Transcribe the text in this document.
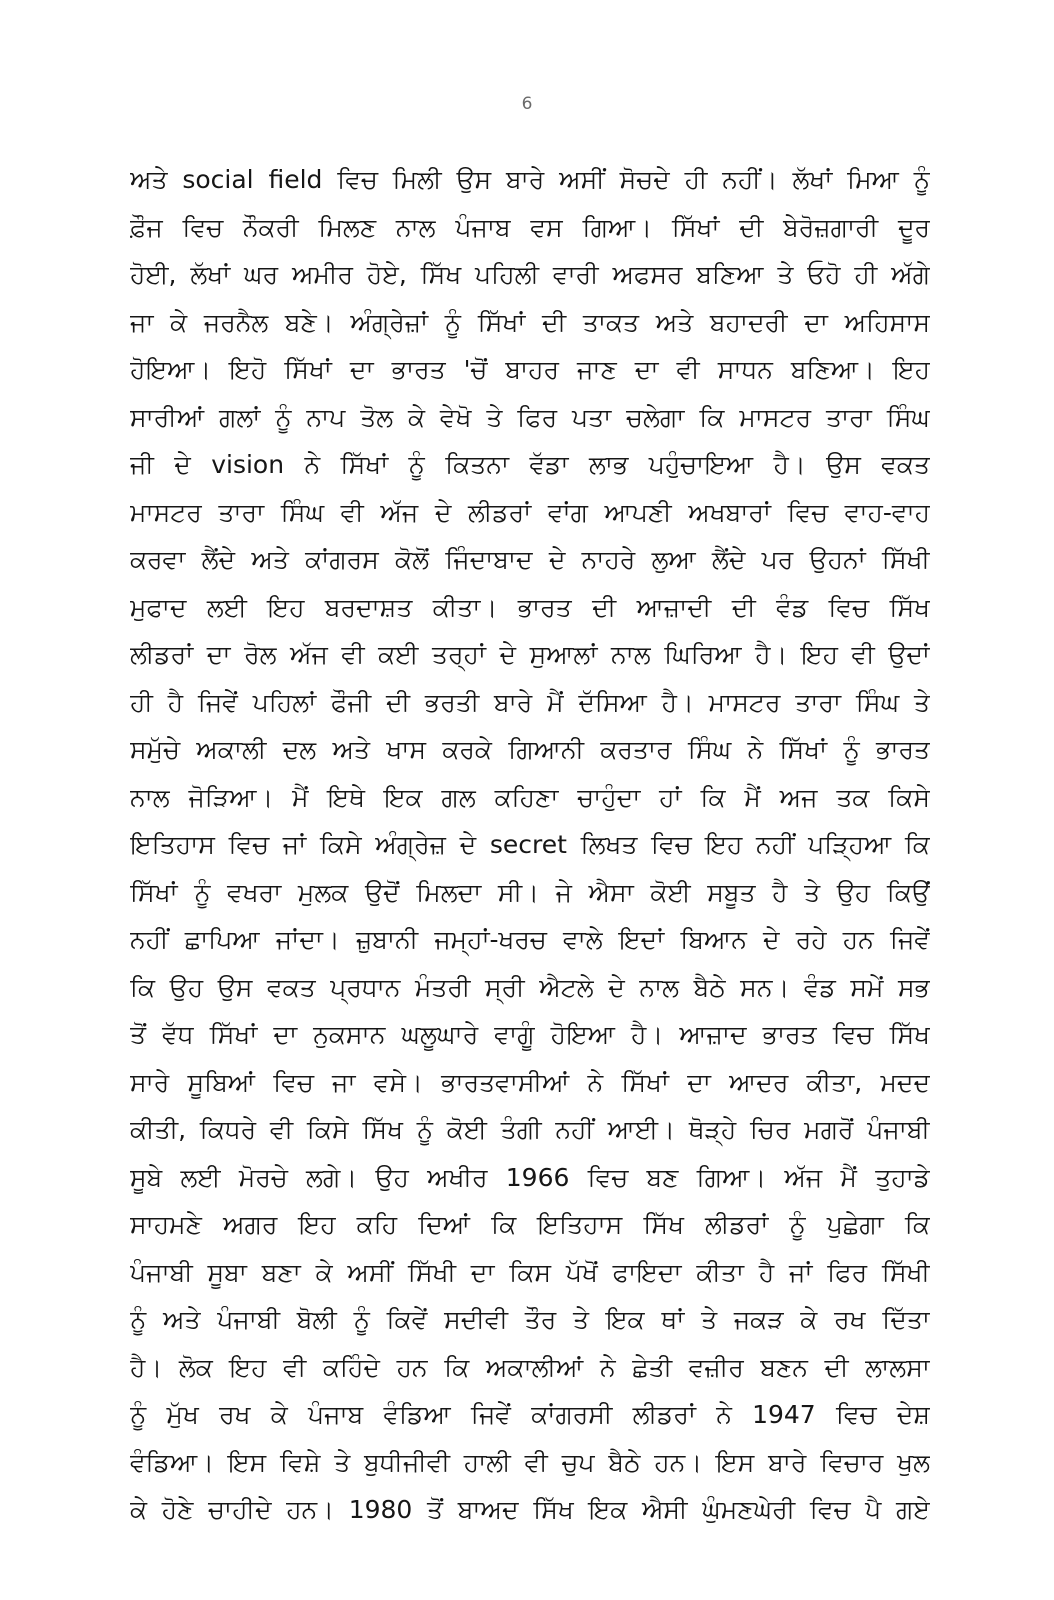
6
ਅਤੇ social field ਵਿਚ ਮਿਲੀ ਉਸ ਬਾਰੇ ਅਸੀਂ ਸੋਚਦੇ ਹੀ ਨਹੀਂ। ਲੱਖਾਂ ਮਿਆ ਨੂੰ
ਫ਼ੌਜ ਵਿਚ ਨੌਕਰੀ ਮਿਲਣ ਨਾਲ ਪੰਜਾਬ ਵਸ ਗਿਆ। ਸਿੱਖਾਂ ਦੀ ਬੇਰੋਜ਼ਗਾਰੀ ਦੂਰ
ਹੋਈ, ਲੱਖਾਂ ਘਰ ਅਮੀਰ ਹੋਏ, ਸਿੱਖ ਪਹਿਲੀ ਵਾਰੀ ਅਫਸਰ ਬਣਿਆ ਤੇ ਓਹੋ ਹੀ ਅੱਗੇ
ਜਾ ਕੇ ਜਰਨੈਲ ਬਣੇ। ਅੰਗ੍ਰੇਜ਼ਾਂ ਨੂੰ ਸਿੱਖਾਂ ਦੀ ਤਾਕਤ ਅਤੇ ਬਹਾਦਰੀ ਦਾ ਅਹਿਸਾਸ
ਹੋਇਆ। ਇਹੋ ਸਿੱਖਾਂ ਦਾ ਭਾਰਤ 'ਚੋਂ ਬਾਹਰ ਜਾਣ ਦਾ ਵੀ ਸਾਧਨ ਬਣਿਆ। ਇਹ
ਸਾਰੀਆਂ ਗਲਾਂ ਨੂੰ ਨਾਪ ਤੋਲ ਕੇ ਵੇਖੋ ਤੇ ਫਿਰ ਪਤਾ ਚਲੇਗਾ ਕਿ ਮਾਸਟਰ ਤਾਰਾ ਸਿੰਘ
ਜੀ ਦੇ vision ਨੇ ਸਿੱਖਾਂ ਨੂੰ ਕਿਤਨਾ ਵੱਡਾ ਲਾਭ ਪਹੁੰਚਾਇਆ ਹੈ। ਉਸ ਵਕਤ
ਮਾਸਟਰ ਤਾਰਾ ਸਿੰਘ ਵੀ ਅੱਜ ਦੇ ਲੀਡਰਾਂ ਵਾਂਗ ਆਪਣੀ ਅਖਬਾਰਾਂ ਵਿਚ ਵਾਹ-ਵਾਹ
ਕਰਵਾ ਲੈਂਦੇ ਅਤੇ ਕਾਂਗਰਸ ਕੋਲੋਂ ਜਿੰਦਾਬਾਦ ਦੇ ਨਾਹਰੇ ਲੁਆ ਲੈਂਦੇ ਪਰ ਉਹਨਾਂ ਸਿੱਖੀ
ਮੁਫਾਦ ਲਈ ਇਹ ਬਰਦਾਸ਼ਤ ਕੀਤਾ। ਭਾਰਤ ਦੀ ਆਜ਼ਾਦੀ ਦੀ ਵੰਡ ਵਿਚ ਸਿੱਖ
ਲੀਡਰਾਂ ਦਾ ਰੋਲ ਅੱਜ ਵੀ ਕਈ ਤਰ੍ਹਾਂ ਦੇ ਸੁਆਲਾਂ ਨਾਲ ਘਿਰਿਆ ਹੈ। ਇਹ ਵੀ ਉਦਾਂ
ਹੀ ਹੈ ਜਿਵੇਂ ਪਹਿਲਾਂ ਫੌਜੀ ਦੀ ਭਰਤੀ ਬਾਰੇ ਮੈਂ ਦੱਸਿਆ ਹੈ। ਮਾਸਟਰ ਤਾਰਾ ਸਿੰਘ ਤੇ
ਸਮੁੱਚੇ ਅਕਾਲੀ ਦਲ ਅਤੇ ਖਾਸ ਕਰਕੇ ਗਿਆਨੀ ਕਰਤਾਰ ਸਿੰਘ ਨੇ ਸਿੱਖਾਂ ਨੂੰ ਭਾਰਤ
ਨਾਲ ਜੋੜਿਆ। ਮੈਂ ਇਥੇ ਇਕ ਗਲ ਕਹਿਣਾ ਚਾਹੁੰਦਾ ਹਾਂ ਕਿ ਮੈਂ ਅਜ ਤਕ ਕਿਸੇ
ਇਤਿਹਾਸ ਵਿਚ ਜਾਂ ਕਿਸੇ ਅੰਗ੍ਰੇਜ਼ ਦੇ secret ਲਿਖਤ ਵਿਚ ਇਹ ਨਹੀਂ ਪੜ੍ਹਿਆ ਕਿ
ਸਿੱਖਾਂ ਨੂੰ ਵਖਰਾ ਮੁਲਕ ਉਦੋਂ ਮਿਲਦਾ ਸੀ। ਜੇ ਐਸਾ ਕੋਈ ਸਬੂਤ ਹੈ ਤੇ ਉਹ ਕਿਉਂ
ਨਹੀਂ ਛਾਪਿਆ ਜਾਂਦਾ। ਜ਼ੁਬਾਨੀ ਜਮ੍ਹਾਂ-ਖਰਚ ਵਾਲੇ ਇਦਾਂ ਬਿਆਨ ਦੇ ਰਹੇ ਹਨ ਜਿਵੇਂ
ਕਿ ਉਹ ਉਸ ਵਕਤ ਪ੍ਰਧਾਨ ਮੰਤਰੀ ਸ੍ਰੀ ਐਟਲੇ ਦੇ ਨਾਲ ਬੈਠੇ ਸਨ। ਵੰਡ ਸਮੇਂ ਸਭ
ਤੋਂ ਵੱਧ ਸਿੱਖਾਂ ਦਾ ਨੁਕਸਾਨ ਘਲੂਘਾਰੇ ਵਾਗੂੰ ਹੋਇਆ ਹੈ। ਆਜ਼ਾਦ ਭਾਰਤ ਵਿਚ ਸਿੱਖ
ਸਾਰੇ ਸੂਬਿਆਂ ਵਿਚ ਜਾ ਵਸੇ। ਭਾਰਤਵਾਸੀਆਂ ਨੇ ਸਿੱਖਾਂ ਦਾ ਆਦਰ ਕੀਤਾ, ਮਦਦ
ਕੀਤੀ, ਕਿਧਰੇ ਵੀ ਕਿਸੇ ਸਿੱਖ ਨੂੰ ਕੋਈ ਤੰਗੀ ਨਹੀਂ ਆਈ। ਥੋੜ੍ਹੇ ਚਿਰ ਮਗਰੋਂ ਪੰਜਾਬੀ
ਸੂਬੇ ਲਈ ਮੋਰਚੇ ਲਗੇ। ਉਹ ਅਖੀਰ 1966 ਵਿਚ ਬਣ ਗਿਆ। ਅੱਜ ਮੈਂ ਤੁਹਾਡੇ
ਸਾਹਮਣੇ ਅਗਰ ਇਹ ਕਹਿ ਦਿਆਂ ਕਿ ਇਤਿਹਾਸ ਸਿੱਖ ਲੀਡਰਾਂ ਨੂੰ ਪੁਛੇਗਾ ਕਿ
ਪੰਜਾਬੀ ਸੂਬਾ ਬਣਾ ਕੇ ਅਸੀਂ ਸਿੱਖੀ ਦਾ ਕਿਸ ਪੱਖੋਂ ਫਾਇਦਾ ਕੀਤਾ ਹੈ ਜਾਂ ਫਿਰ ਸਿੱਖੀ
ਨੂੰ ਅਤੇ ਪੰਜਾਬੀ ਬੋਲੀ ਨੂੰ ਕਿਵੇਂ ਸਦੀਵੀ ਤੌਰ ਤੇ ਇਕ ਥਾਂ ਤੇ ਜਕੜ ਕੇ ਰਖ ਦਿੱਤਾ
ਹੈ। ਲੋਕ ਇਹ ਵੀ ਕਹਿੰਦੇ ਹਨ ਕਿ ਅਕਾਲੀਆਂ ਨੇ ਛੇਤੀ ਵਜ਼ੀਰ ਬਣਨ ਦੀ ਲਾਲਸਾ
ਨੂੰ ਮੁੱਖ ਰਖ ਕੇ ਪੰਜਾਬ ਵੰਡਿਆ ਜਿਵੇਂ ਕਾਂਗਰਸੀ ਲੀਡਰਾਂ ਨੇ 1947 ਵਿਚ ਦੇਸ਼
ਵੰਡਿਆ। ਇਸ ਵਿਸ਼ੇ ਤੇ ਬੁਧੀਜੀਵੀ ਹਾਲੀ ਵੀ ਚੁਪ ਬੈਠੇ ਹਨ। ਇਸ ਬਾਰੇ ਵਿਚਾਰ ਖੁਲ
ਕੇ ਹੋਣੇ ਚਾਹੀਦੇ ਹਨ। 1980 ਤੋਂ ਬਾਅਦ ਸਿੱਖ ਇਕ ਐਸੀ ਘੁੰਮਣਘੇਰੀ ਵਿਚ ਪੈ ਗਏ
